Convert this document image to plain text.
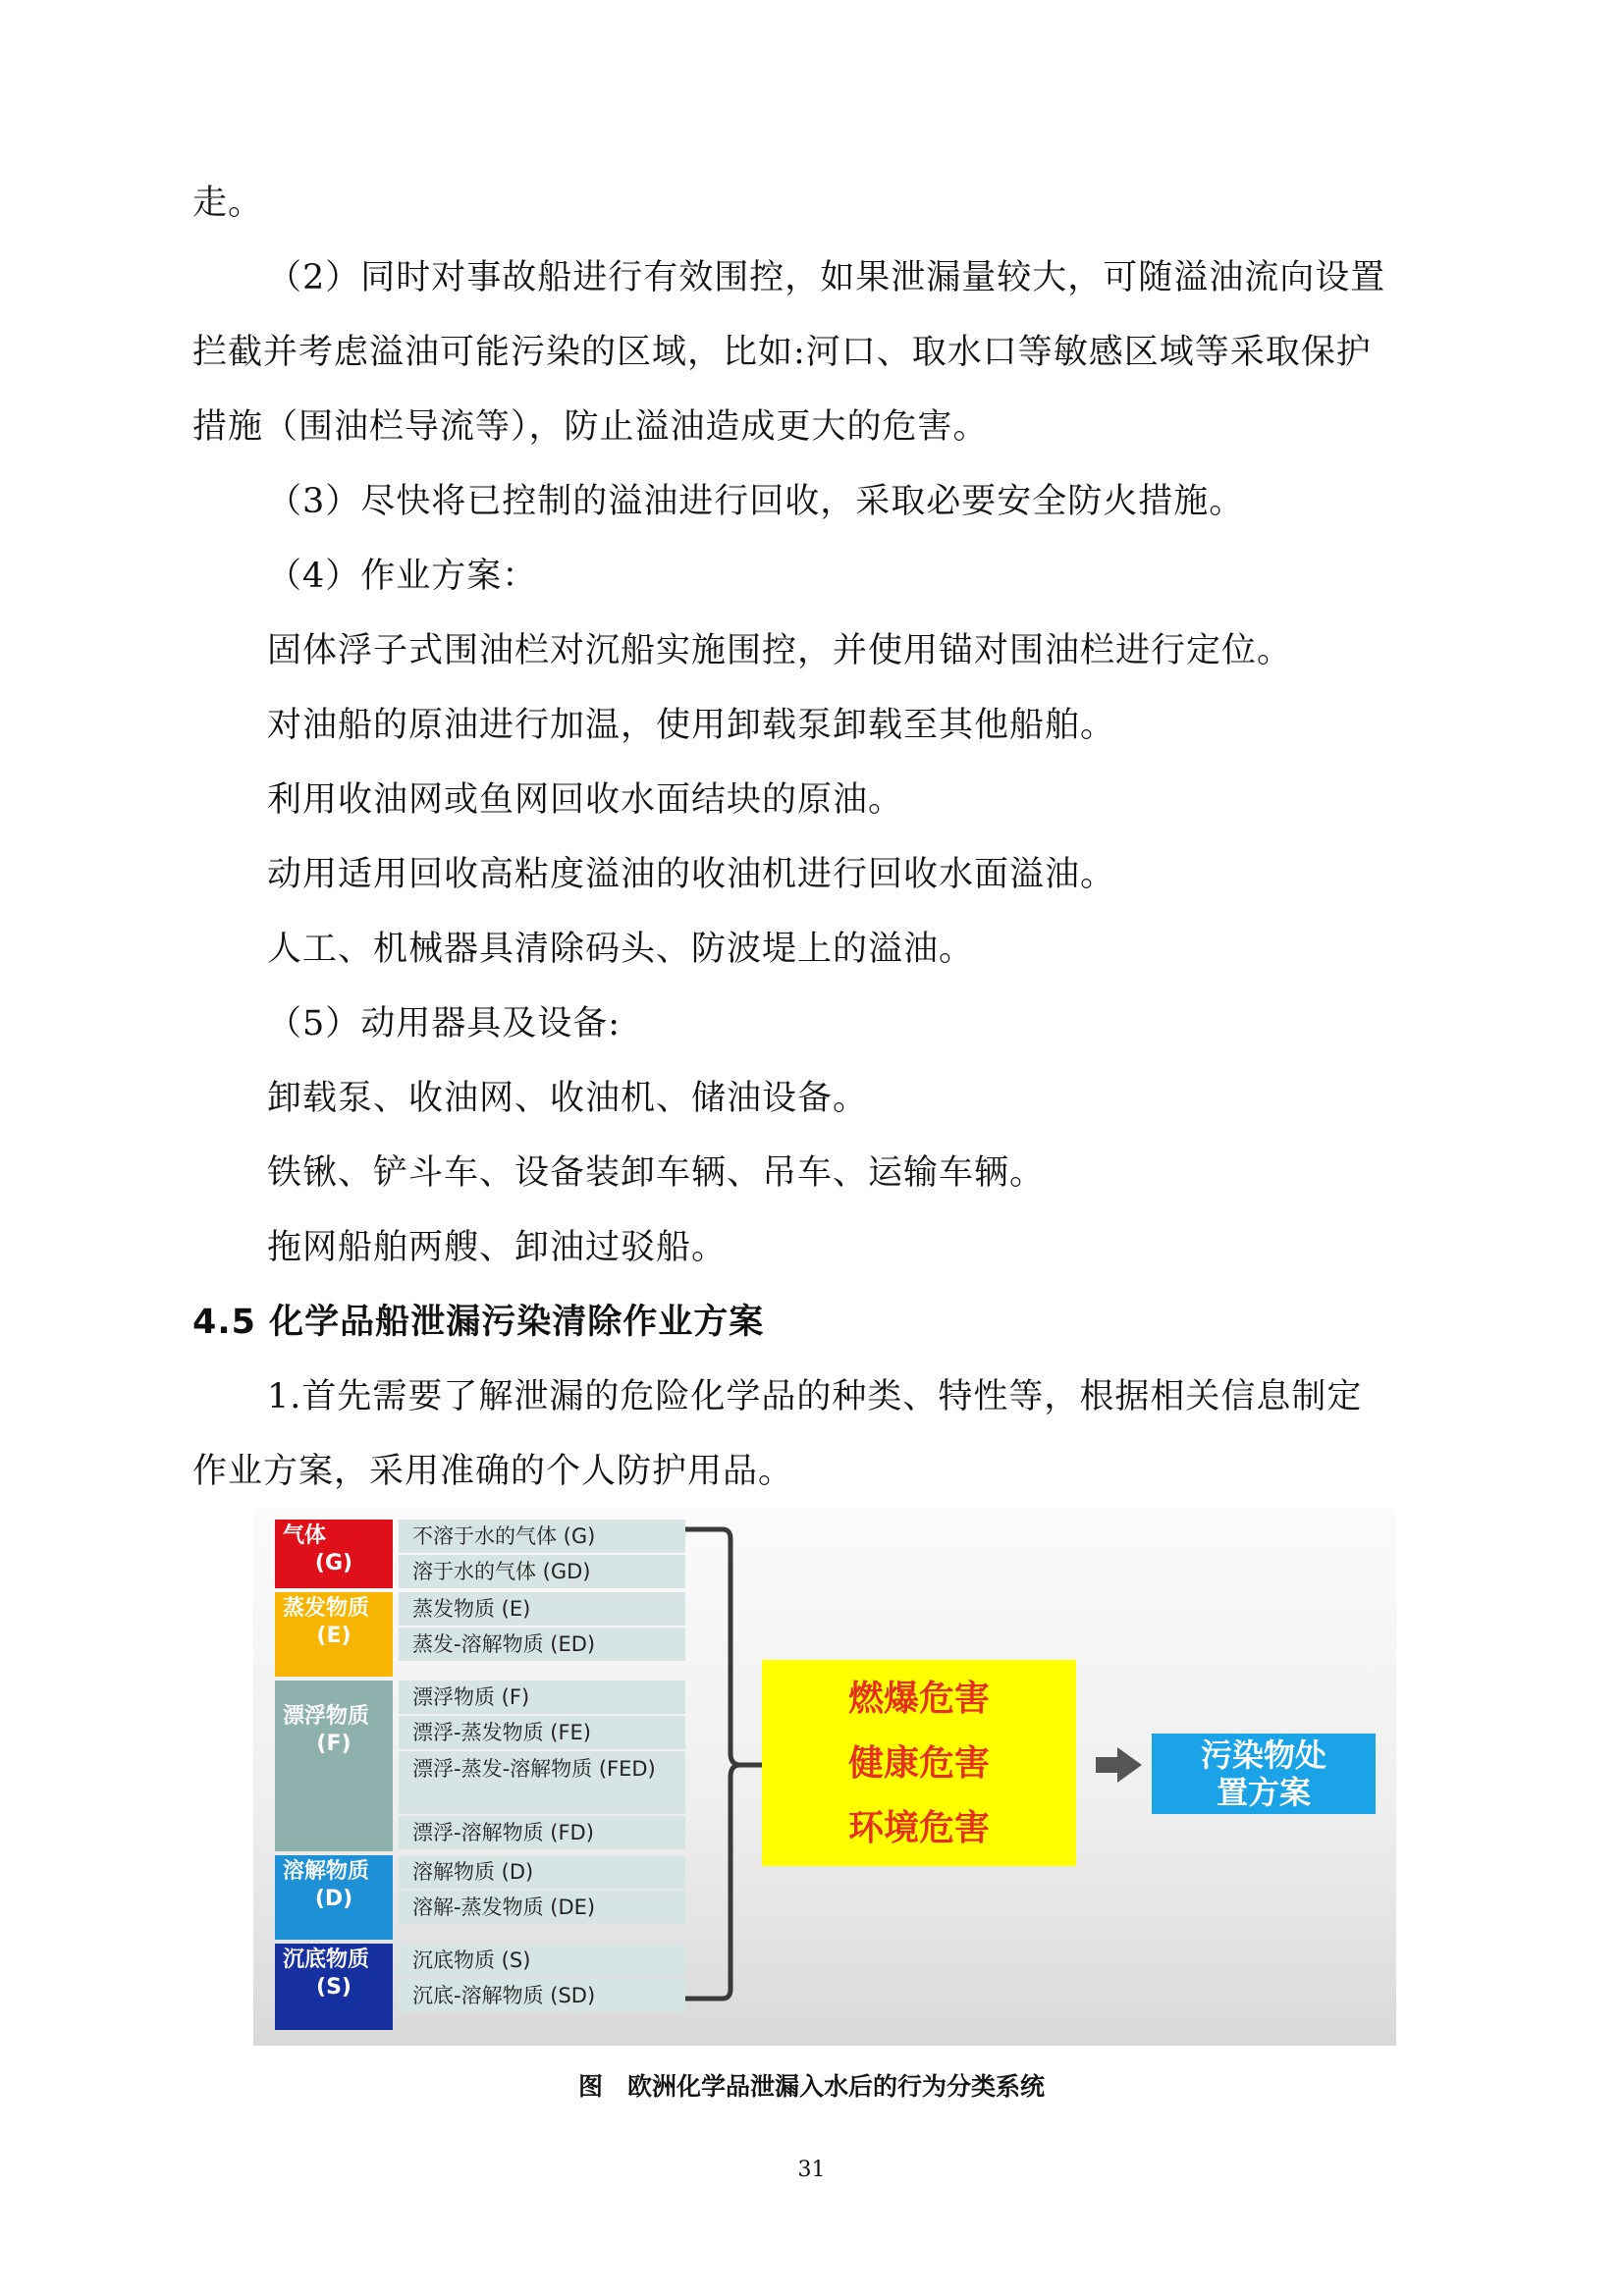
走。
（2）同时对事故船进行有效围控，如果泄漏量较大，可随溢油流向设置
拦截并考虑溢油可能污染的区域，比如:河口、取水口等敏感区域等采取保护
措施（围油栏导流等），防止溢油造成更大的危害。
（3）尽快将已控制的溢油进行回收，采取必要安全防火措施。
（4）作业方案：
固体浮子式围油栏对沉船实施围控，并使用锚对围油栏进行定位。
对油船的原油进行加温，使用卸载泵卸载至其他船舶。
利用收油网或鱼网回收水面结块的原油。
动用适用回收高粘度溢油的收油机进行回收水面溢油。
人工、机械器具清除码头、防波堤上的溢油。
（5）动用器具及设备:
卸载泵、收油网、收油机、储油设备。
铁锹、铲斗车、设备装卸车辆、吊车、运输车辆。
拖网船舶两艘、卸油过驳船。
4.5 化学品船泄漏污染清除作业方案
1.首先需要了解泄漏的危险化学品的种类、特性等，根据相关信息制定
作业方案，采用准确的个人防护用品。
气体
(G)
蒸发物质
(E)
漂浮物质
(F)
溶解物质
(D)
沉底物质
(S)
不溶于水的气体 (G)
溶于水的气体 (GD)
蒸发物质 (E)
蒸发-溶解物质 (ED)
漂浮物质 (F)
漂浮-蒸发物质 (FE)
漂浮-蒸发-溶解物质 (FED)
漂浮-溶解物质 (FD)
溶解物质 (D)
溶解-蒸发物质 (DE)
沉底物质 (S)
沉底-溶解物质 (SD)
燃爆危害
健康危害
环境危害
污染物处
置方案
图　欧洲化学品泄漏入水后的行为分类系统
31
